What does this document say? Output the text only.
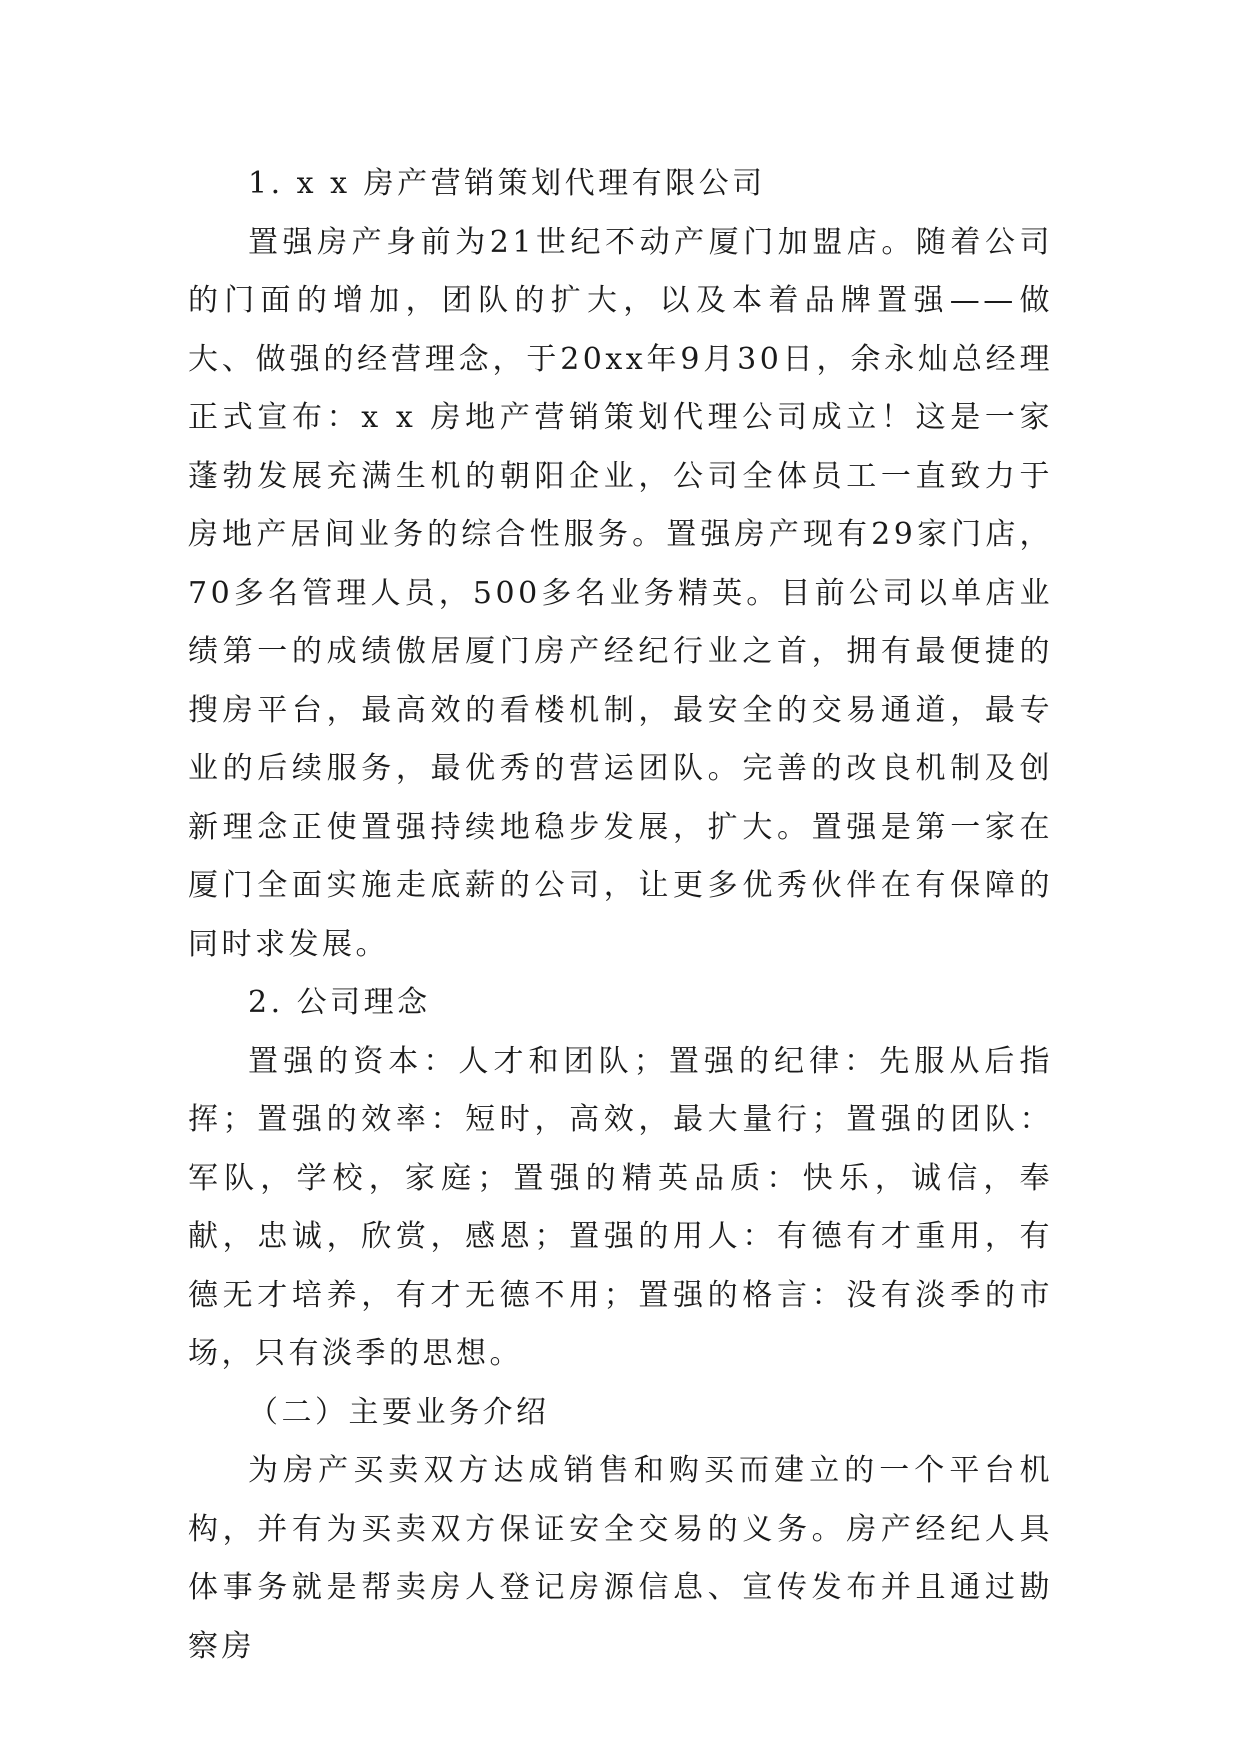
1. x x 房产营销策划代理有限公司

置强房产身前为21世纪不动产厦门加盟店。随着公司的门面的增加，团队的扩大，以及本着品牌置强——做大、做强的经营理念，于20xx年9月30日，余永灿总经理正式宣布：x x 房地产营销策划代理公司成立！这是一家蓬勃发展充满生机的朝阳企业，公司全体员工一直致力于房地产居间业务的综合性服务。置强房产现有29家门店，70多名管理人员，500多名业务精英。目前公司以单店业绩第一的成绩傲居厦门房产经纪行业之首，拥有最便捷的搜房平台，最高效的看楼机制，最安全的交易通道，最专业的后续服务，最优秀的营运团队。完善的改良机制及创新理念正使置强持续地稳步发展，扩大。置强是第一家在厦门全面实施走底薪的公司，让更多优秀伙伴在有保障的同时求发展。

2. 公司理念

置强的资本：人才和团队；置强的纪律：先服从后指挥；置强的效率：短时，高效，最大量行；置强的团队：军队，学校，家庭；置强的精英品质：快乐，诚信，奉献，忠诚，欣赏，感恩；置强的用人：有德有才重用，有德无才培养，有才无德不用；置强的格言：没有淡季的市场，只有淡季的思想。

（二）主要业务介绍

为房产买卖双方达成销售和购买而建立的一个平台机构，并有为买卖双方保证安全交易的义务。房产经纪人具体事务就是帮卖房人登记房源信息、宣传发布并且通过勘察房
